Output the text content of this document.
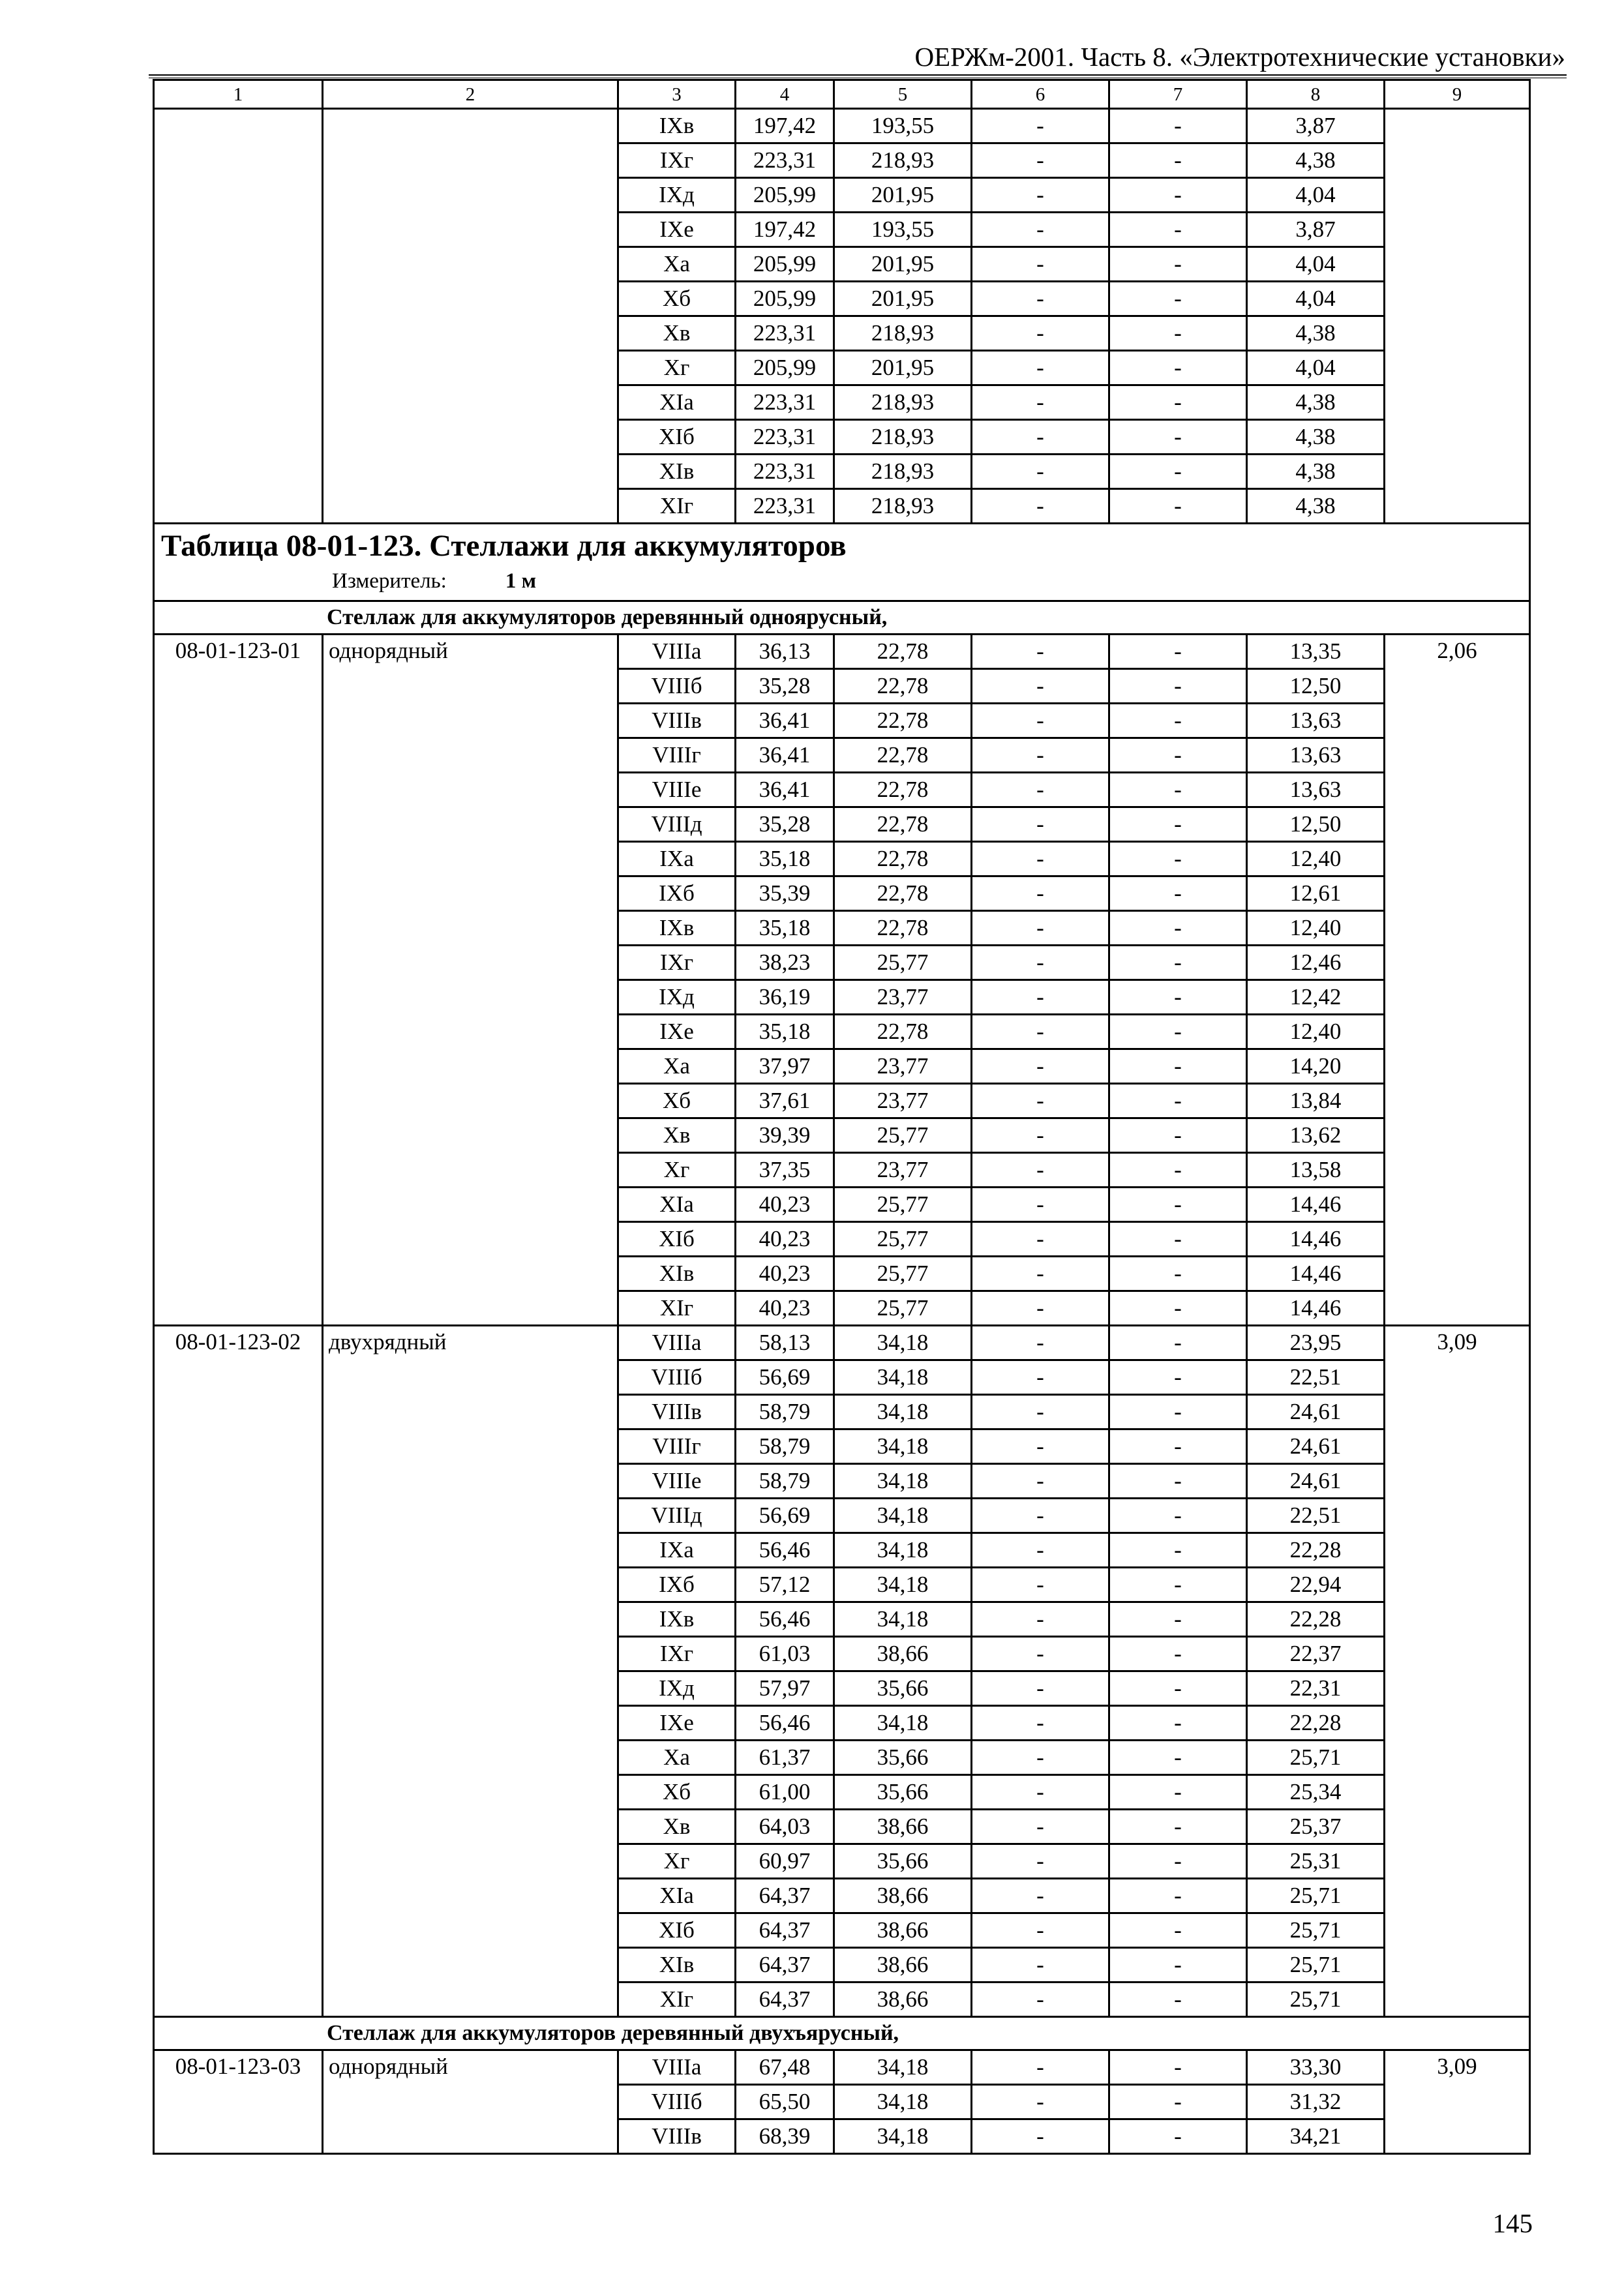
ОЕРЖм-2001. Часть 8. «Электротехнические установки»
1	2	3	4	5	6	7	8	9
		IXв	197,42	193,55	-	-	3,87	
		IXг	223,31	218,93	-	-	4,38	
		IXд	205,99	201,95	-	-	4,04	
		IXе	197,42	193,55	-	-	3,87	
		Xа	205,99	201,95	-	-	4,04	
		Xб	205,99	201,95	-	-	4,04	
		Xв	223,31	218,93	-	-	4,38	
		Xг	205,99	201,95	-	-	4,04	
		XIа	223,31	218,93	-	-	4,38	
		XIб	223,31	218,93	-	-	4,38	
		XIв	223,31	218,93	-	-	4,38	
		XIг	223,31	218,93	-	-	4,38	

Таблица 08-01-123. Стеллажи для аккумуляторов
Измеритель: 1 м								

Стеллаж для аккумуляторов деревянный одноярусный,								
08-01-123-01	однорядный	VIIIа	36,13	22,78	-	-	13,35	2,06
		VIIIб	35,28	22,78	-	-	12,50	
		VIIIв	36,41	22,78	-	-	13,63	
		VIIIг	36,41	22,78	-	-	13,63	
		VIIIе	36,41	22,78	-	-	13,63	
		VIIIд	35,28	22,78	-	-	12,50	
		IXа	35,18	22,78	-	-	12,40	
		IXб	35,39	22,78	-	-	12,61	
		IXв	35,18	22,78	-	-	12,40	
		IXг	38,23	25,77	-	-	12,46	
		IXд	36,19	23,77	-	-	12,42	
		IXе	35,18	22,78	-	-	12,40	
		Xа	37,97	23,77	-	-	14,20	
		Xб	37,61	23,77	-	-	13,84	
		Xв	39,39	25,77	-	-	13,62	
		Xг	37,35	23,77	-	-	13,58	
		XIа	40,23	25,77	-	-	14,46	
		XIб	40,23	25,77	-	-	14,46	
		XIв	40,23	25,77	-	-	14,46	
		XIг	40,23	25,77	-	-	14,46	
08-01-123-02	двухрядный	VIIIа	58,13	34,18	-	-	23,95	3,09
		VIIIб	56,69	34,18	-	-	22,51	
		VIIIв	58,79	34,18	-	-	24,61	
		VIIIг	58,79	34,18	-	-	24,61	
		VIIIе	58,79	34,18	-	-	24,61	
		VIIIд	56,69	34,18	-	-	22,51	
		IXа	56,46	34,18	-	-	22,28	
		IXб	57,12	34,18	-	-	22,94	
		IXв	56,46	34,18	-	-	22,28	
		IXг	61,03	38,66	-	-	22,37	
		IXд	57,97	35,66	-	-	22,31	
		IXе	56,46	34,18	-	-	22,28	
		Xа	61,37	35,66	-	-	25,71	
		Xб	61,00	35,66	-	-	25,34	
		Xв	64,03	38,66	-	-	25,37	
		Xг	60,97	35,66	-	-	25,31	
		XIа	64,37	38,66	-	-	25,71	
		XIб	64,37	38,66	-	-	25,71	
		XIв	64,37	38,66	-	-	25,71	
		XIг	64,37	38,66	-	-	25,71	
Стеллаж для аккумуляторов деревянный двухъярусный,								
08-01-123-03	однорядный	VIIIа	67,48	34,18	-	-	33,30	3,09
		VIIIб	65,50	34,18	-	-	31,32	
		VIIIв	68,39	34,18	-	-	34,21	
145
